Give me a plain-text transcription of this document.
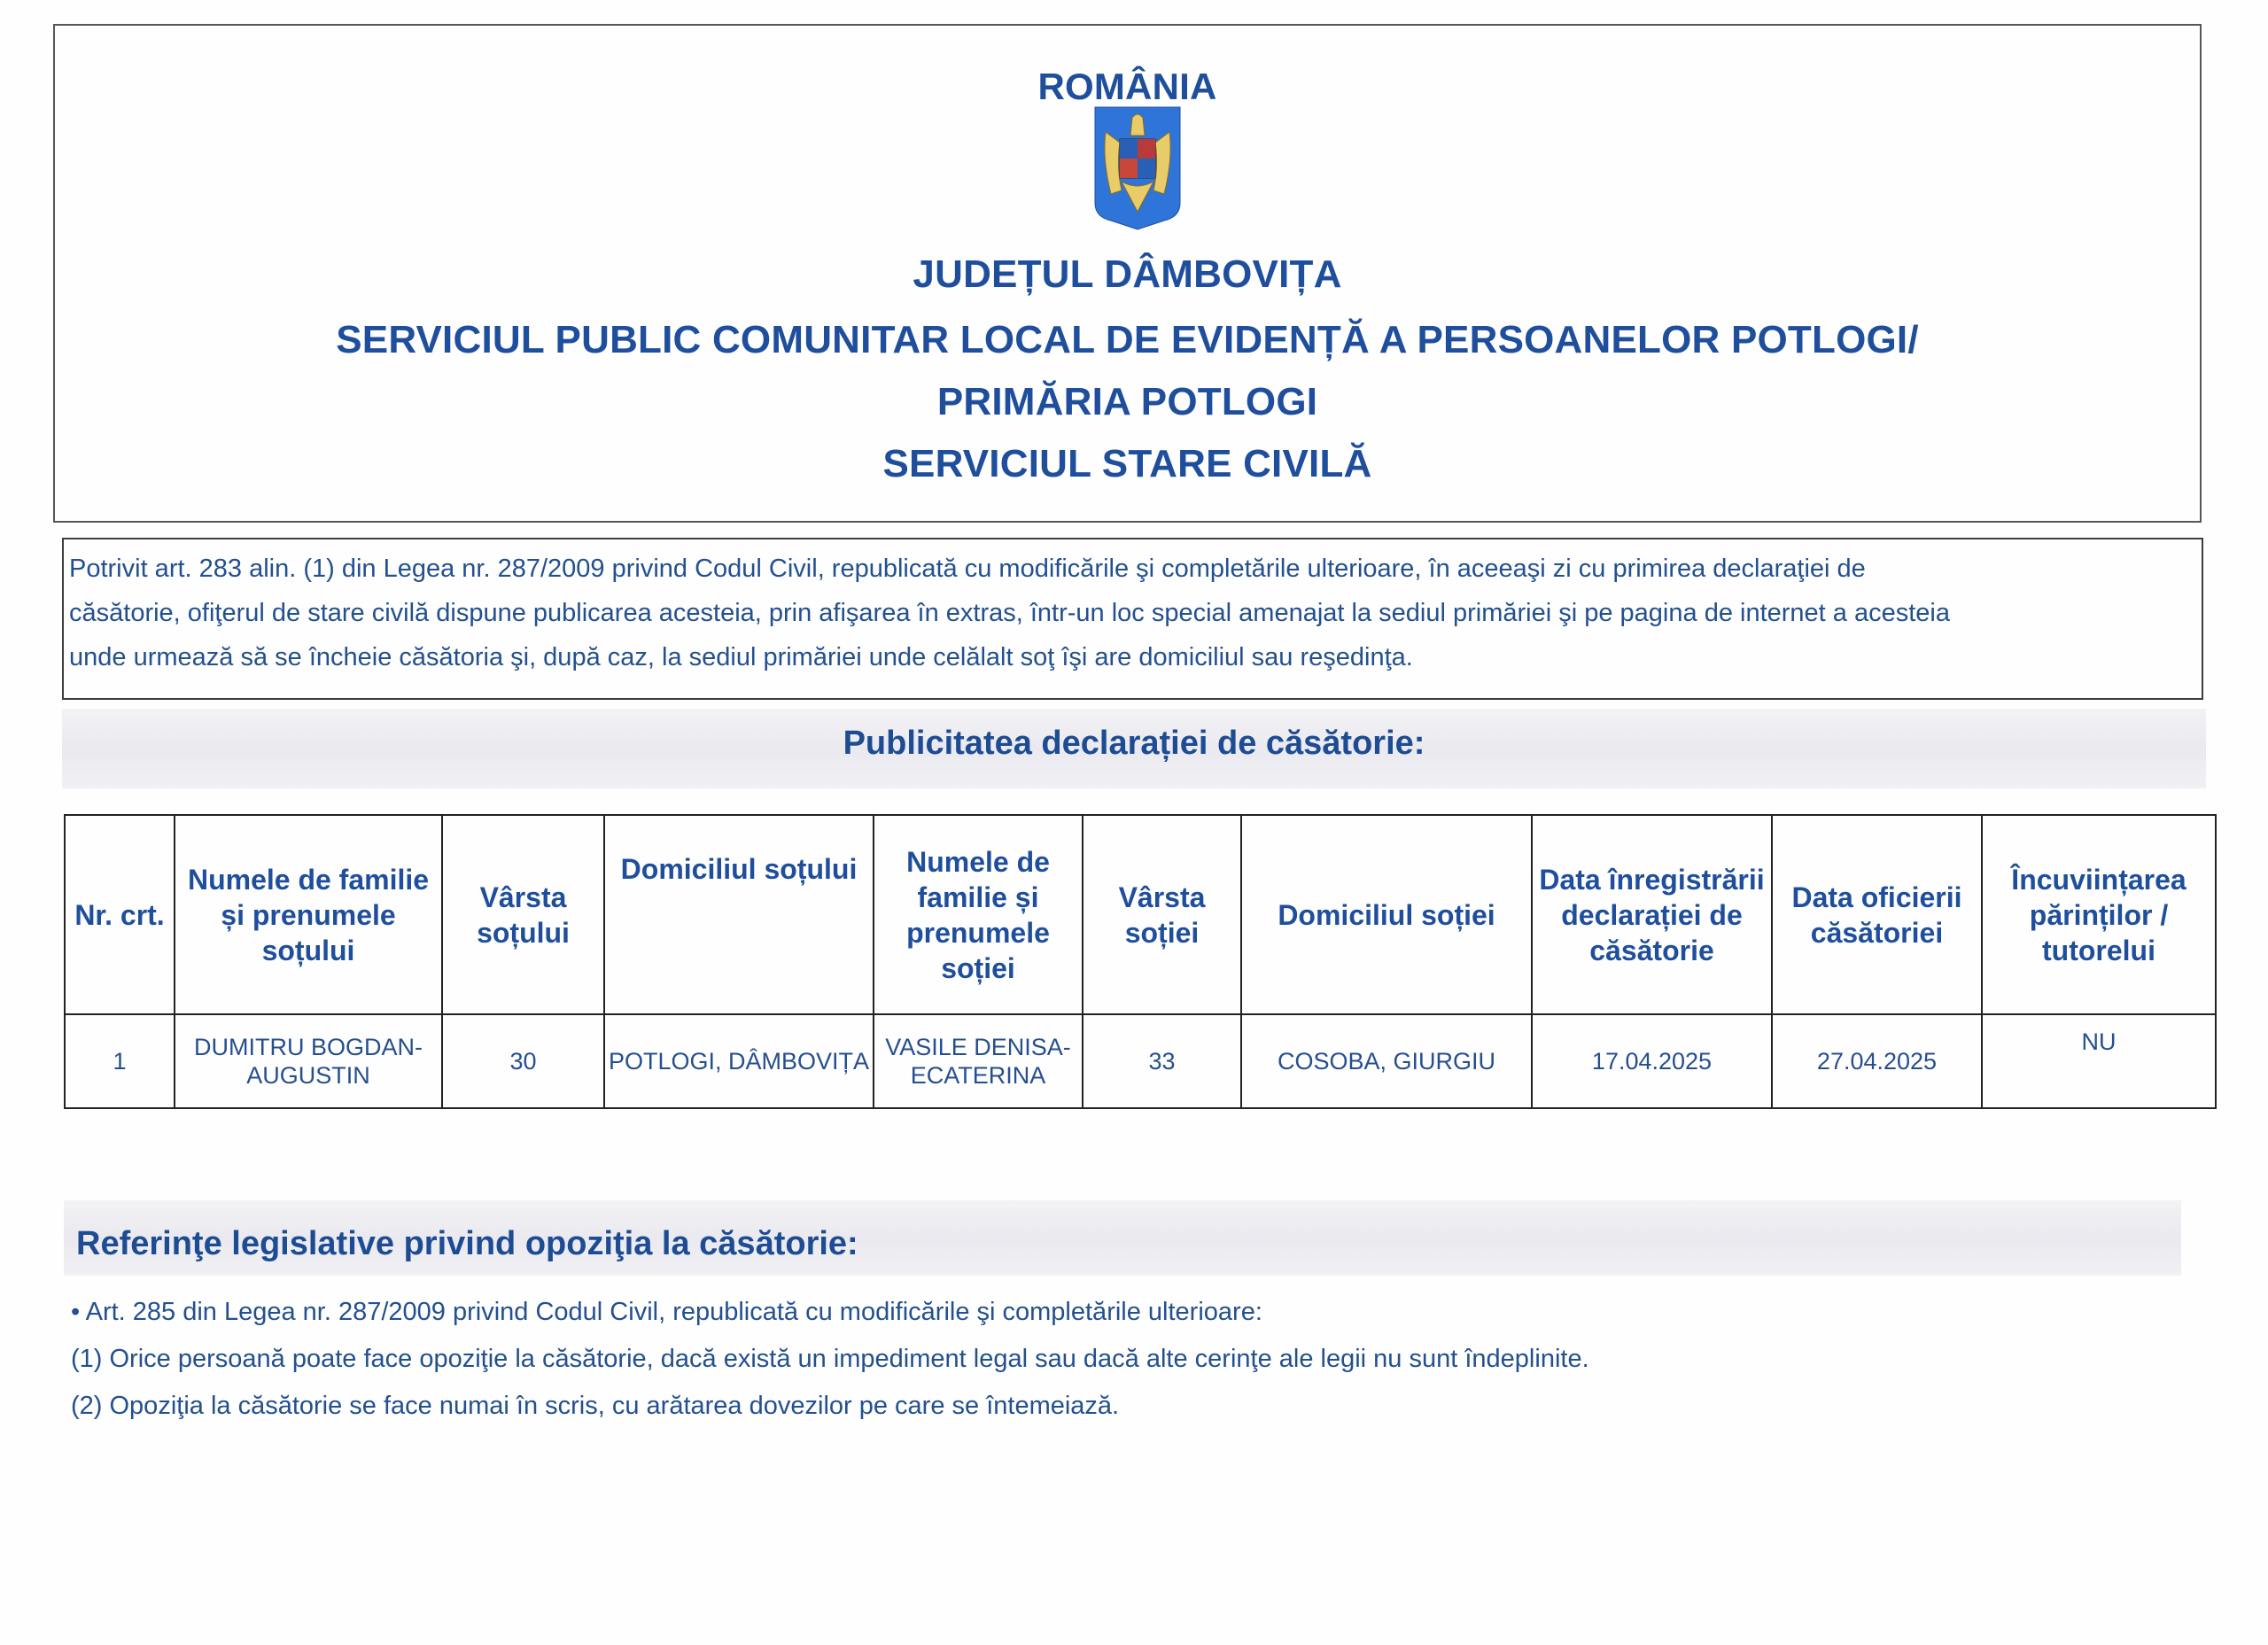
ROMÂNIA
JUDEȚUL DÂMBOVIȚA
SERVICIUL PUBLIC COMUNITAR LOCAL DE EVIDENȚĂ A PERSOANELOR POTLOGI/
PRIMĂRIA POTLOGI
SERVICIUL STARE CIVILĂ
Potrivit art. 283 alin. (1) din Legea nr. 287/2009 privind Codul Civil, republicată cu modificările şi completările ulterioare, în aceeaşi zi cu primirea declaraţiei de
căsătorie, ofiţerul de stare civilă dispune publicarea acesteia, prin afişarea în extras, într-un loc special amenajat la sediul primăriei şi pe pagina de internet a acesteia
unde urmează să se încheie căsătoria şi, după caz, la sediul primăriei unde celălalt soţ îşi are domiciliul sau reşedinţa.
Publicitatea declarației de căsătorie:
Nr. crt.	Numele de familie și prenumele soțului	Vârsta soțului	Domiciliul soțului	Numele de familie și prenumele soției	Vârsta soției	Domiciliul soției	Data înregistrării declarației de căsătorie	Data oficierii căsătoriei	Încuviințarea părinților / tutorelui
1	DUMITRU BOGDAN-AUGUSTIN	30	POTLOGI, DÂMBOVIȚA	VASILE DENISA-ECATERINA	33	COSOBA, GIURGIU	17.04.2025	27.04.2025	NU
Referinţe legislative privind opoziţia la căsătorie:
• Art. 285 din Legea nr. 287/2009 privind Codul Civil, republicată cu modificările şi completările ulterioare:
(1) Orice persoană poate face opoziţie la căsătorie, dacă există un impediment legal sau dacă alte cerinţe ale legii nu sunt îndeplinite.
(2) Opoziţia la căsătorie se face numai în scris, cu arătarea dovezilor pe care se întemeiază.
